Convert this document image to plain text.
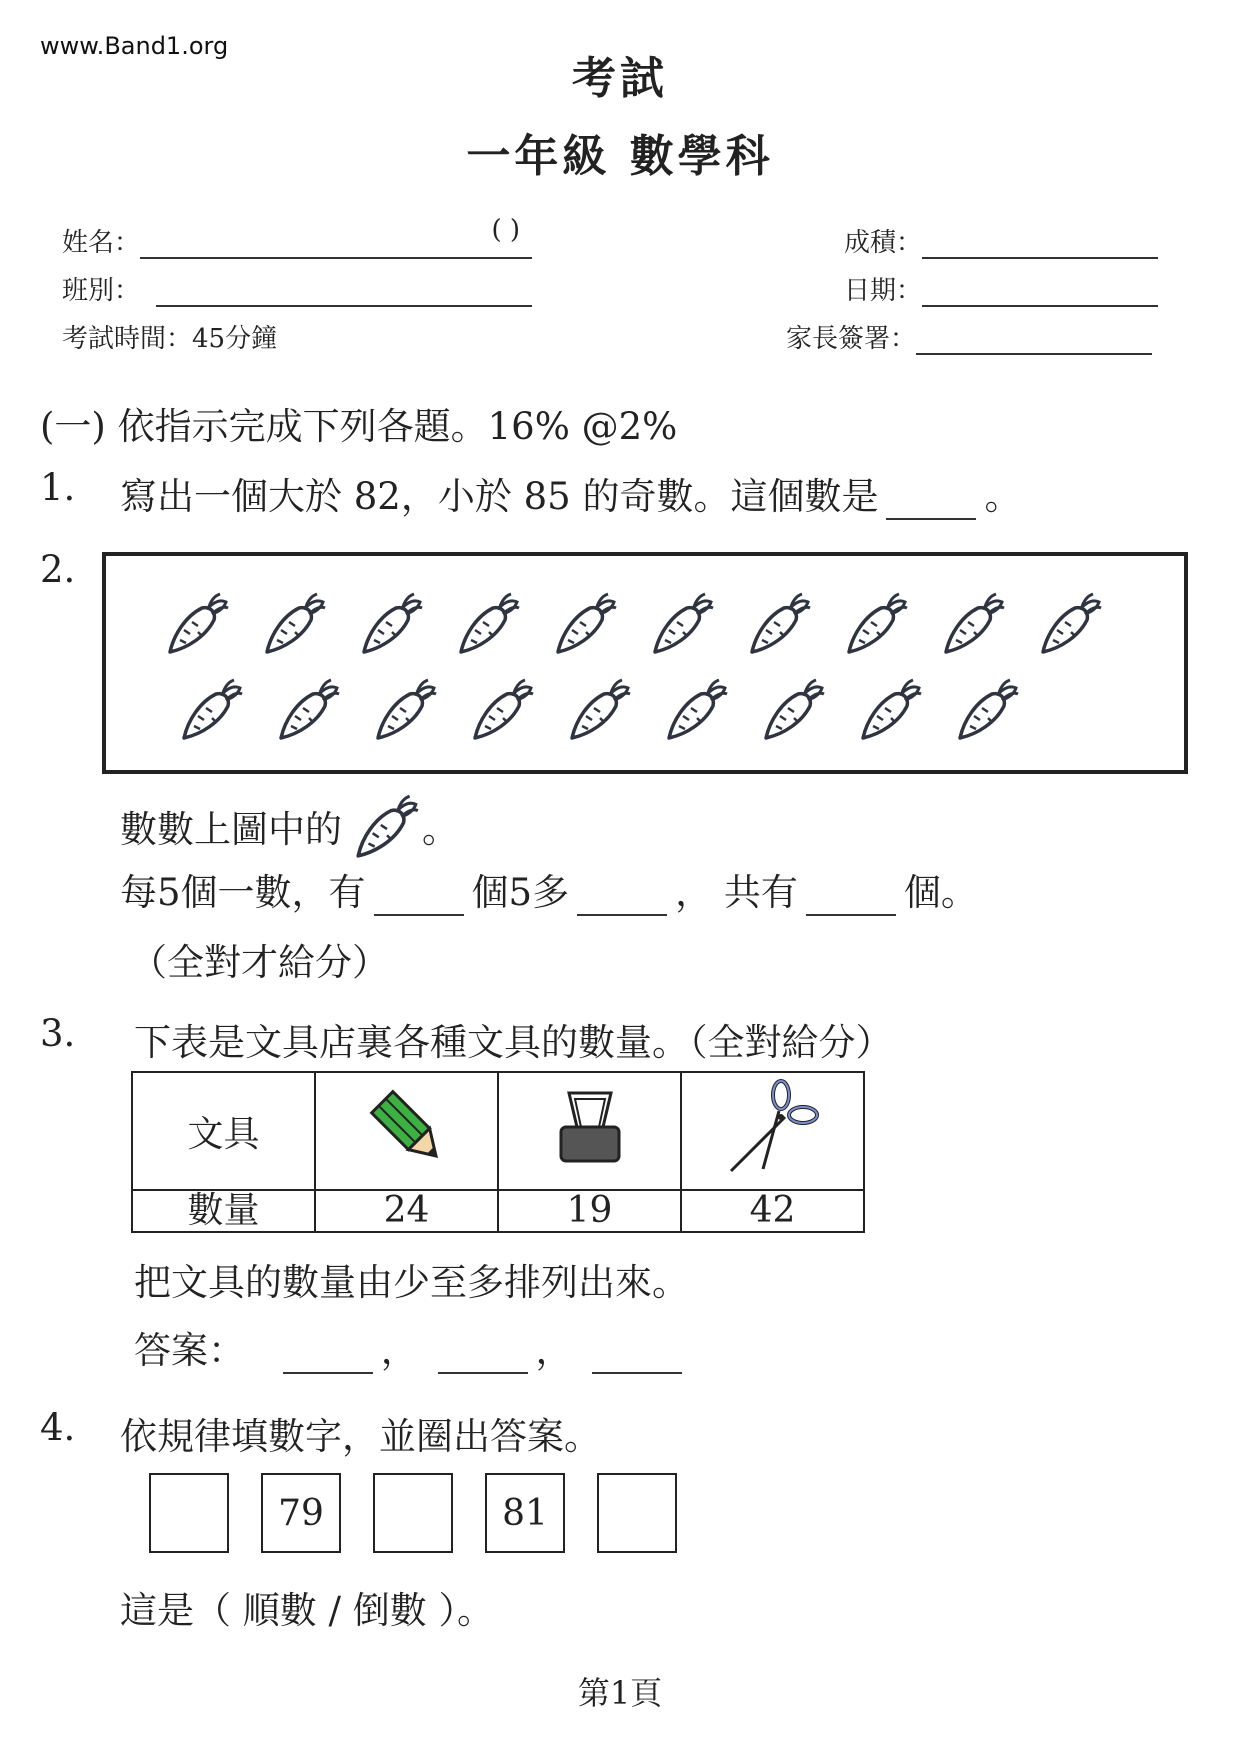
www.Band1.org
考試
一年級 數學科
姓名：	( )
班別：
考試時間：45分鐘
成積：
日期：
家長簽署：
(一) 依指示完成下列各題。16% @2%
1. 寫出一個大於 82，小於 85 的奇數。這個數是	。
2.
數數上圖中的 。
每5個一數，有	個5多	， 共有	個。
（全對才給分）
3. 下表是文具店裏各種文具的數量。（全對給分）
文具			
數量	24	19	42
把文具的數量由少至多排列出來。
答案：	，	，
4. 依規律填數字，並圈出答案。
79	81
這是（ 順數 / 倒數 ）。
第1頁
